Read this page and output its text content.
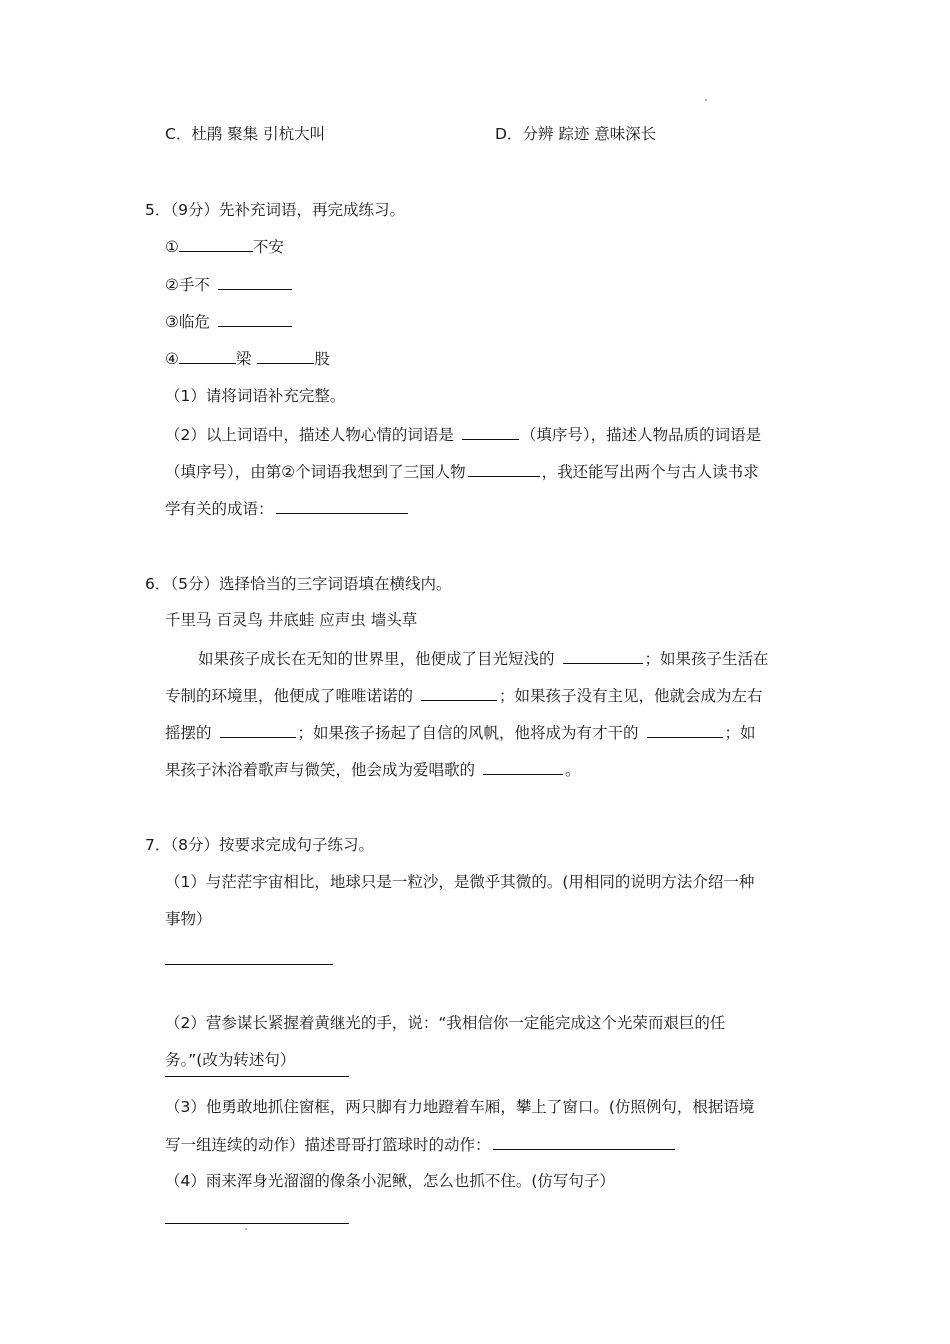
C．杜鹃 聚集 引杭大叫	D．分辨 踪迹 意味深长
5．（9分）先补充词语，再完成练习。
①	不安
②手不
③临危
④	梁	股
（1）请将词语补充完整。
（2）以上词语中，描述人物心情的词语是	（填序号），描述人物品质的词语是
（填序号），由第②个词语我想到了三国人物	，我还能写出两个与古人读书求
学有关的成语：
6．（5分）选择恰当的三字词语填在横线内。
千里马 百灵鸟 井底蛙 应声虫 墙头草
如果孩子成长在无知的世界里，他便成了目光短浅的	；如果孩子生活在
专制的环境里，他便成了唯唯诺诺的	；如果孩子没有主见，他就会成为左右
摇摆的	；如果孩子扬起了自信的风帆，他将成为有才干的	；如
果孩子沐浴着歌声与微笑，他会成为爱唱歌的	。
7．（8分）按要求完成句子练习。
（1）与茫茫宇宙相比，地球只是一粒沙，是微乎其微的。(用相同的说明方法介绍一种
事物）
（2）营参谋长紧握着黄继光的手，说：“我相信你一定能完成这个光荣而艰巨的任
务。”(改为转述句）
（3）他勇敢地抓住窗框，两只脚有力地蹬着车厢，攀上了窗口。(仿照例句，根据语境
写一组连续的动作）描述哥哥打篮球时的动作：
（4）雨来浑身光溜溜的像条小泥鳅，怎么也抓不住。(仿写句子）
